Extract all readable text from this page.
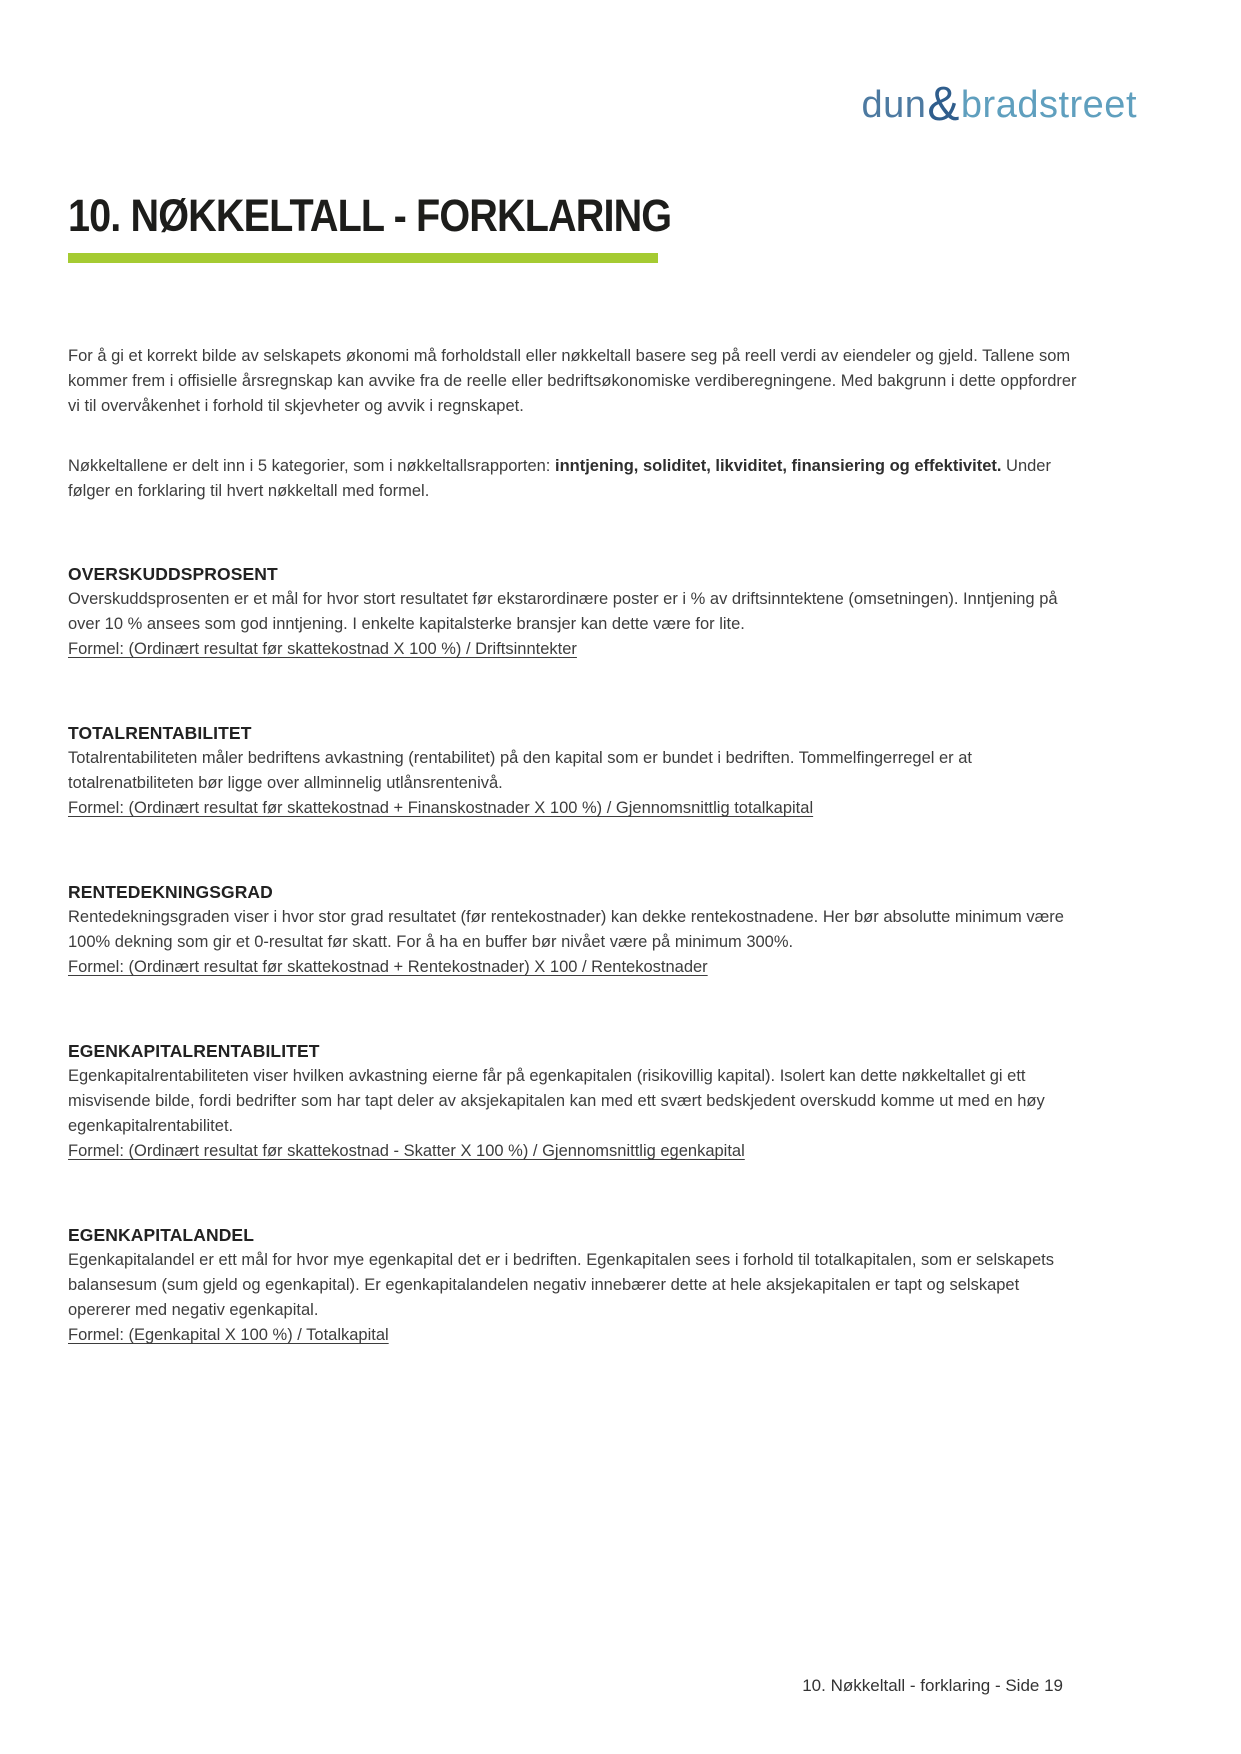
dun&bradstreet
10. NØKKELTALL - FORKLARING

For å gi et korrekt bilde av selskapets økonomi må forholdstall eller nøkkeltall basere seg på reell verdi av eiendeler og gjeld. Tallene som kommer frem i offisielle årsregnskap kan avvike fra de reelle eller bedriftsøkonomiske verdiberegningene. Med bakgrunn i dette oppfordrer vi til overvåkenhet i forhold til skjevheter og avvik i regnskapet.

Nøkkeltallene er delt inn i 5 kategorier, som i nøkkeltallsrapporten: inntjening, soliditet, likviditet, finansiering og effektivitet. Under følger en forklaring til hvert nøkkeltall med formel.

OVERSKUDDSPROSENT

Overskuddsprosenten er et mål for hvor stort resultatet før ekstarordinære poster er i % av driftsinntektene (omsetningen). Inntjening på over 10 % ansees som god inntjening. I enkelte kapitalsterke bransjer kan dette være for lite.

Formel: (Ordinært resultat før skattekostnad X 100 %) / Driftsinntekter

TOTALRENTABILITET

Totalrentabiliteten måler bedriftens avkastning (rentabilitet) på den kapital som er bundet i bedriften. Tommelfingerregel er at totalrenatbiliteten bør ligge over allminnelig utlånsrentenivå.

Formel: (Ordinært resultat før skattekostnad + Finanskostnader X 100 %) / Gjennomsnittlig totalkapital

RENTEDEKNINGSGRAD

Rentedekningsgraden viser i hvor stor grad resultatet (før rentekostnader) kan dekke rentekostnadene. Her bør absolutte minimum være 100% dekning som gir et 0-resultat før skatt. For å ha en buffer bør nivået være på minimum 300%.

Formel: (Ordinært resultat før skattekostnad + Rentekostnader) X 100 / Rentekostnader

EGENKAPITALRENTABILITET

Egenkapitalrentabiliteten viser hvilken avkastning eierne får på egenkapitalen (risikovillig kapital). Isolert kan dette nøkkeltallet gi ett misvisende bilde, fordi bedrifter som har tapt deler av aksjekapitalen kan med ett svært bedskjedent overskudd komme ut med en høy egenkapitalrentabilitet.

Formel: (Ordinært resultat før skattekostnad - Skatter X 100 %) / Gjennomsnittlig egenkapital

EGENKAPITALANDEL

Egenkapitalandel er ett mål for hvor mye egenkapital det er i bedriften. Egenkapitalen sees i forhold til totalkapitalen, som er selskapets balansesum (sum gjeld og egenkapital). Er egenkapitalandelen negativ innebærer dette at hele aksjekapitalen er tapt og selskapet opererer med negativ egenkapital.

Formel: (Egenkapital X 100 %) / Totalkapital

10. Nøkkeltall - forklaring - Side 19
